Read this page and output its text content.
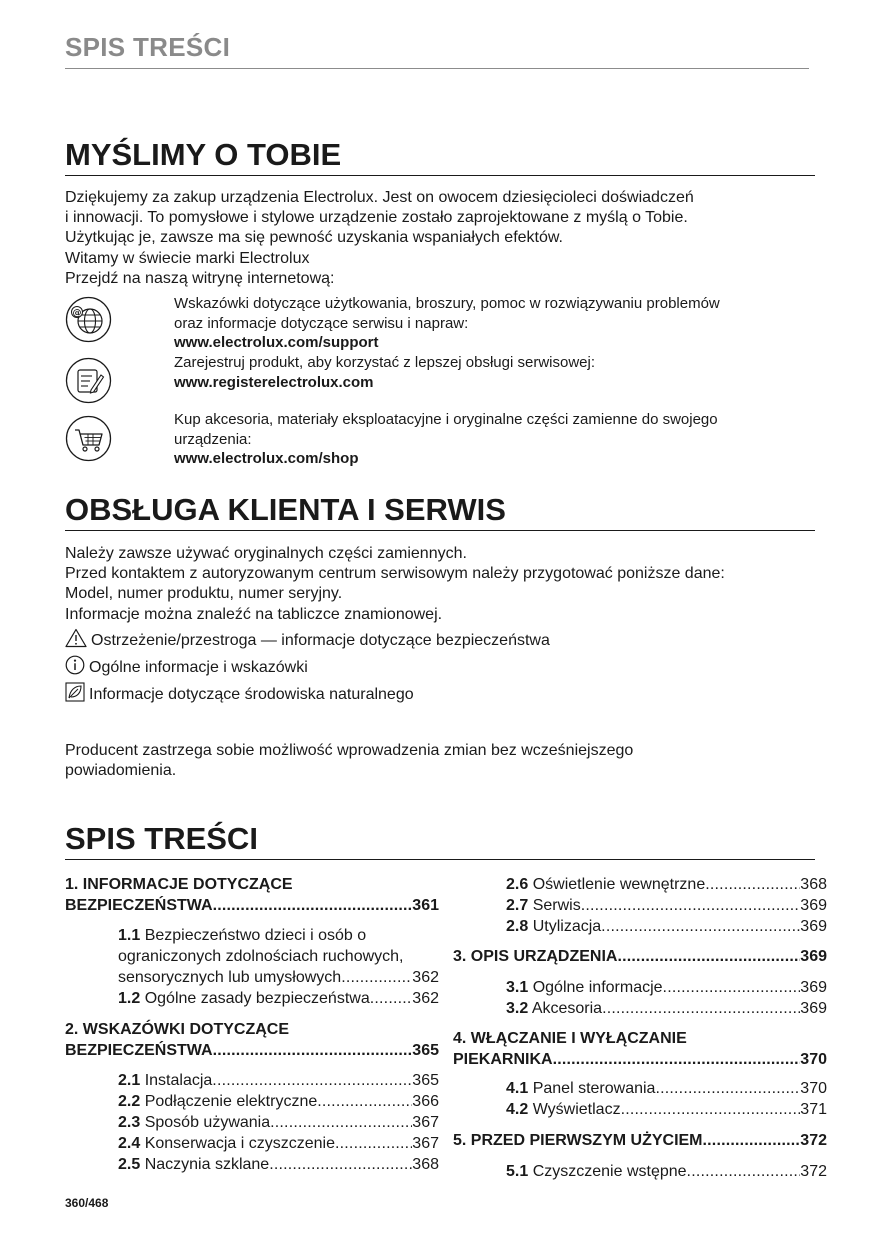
SPIS TREŚCI
MYŚLIMY O TOBIE
Dziękujemy za zakup urządzenia Electrolux. Jest on owocem dziesięcioleci doświadczeń
i innowacji. To pomysłowe i stylowe urządzenie zostało zaprojektowane z myślą o Tobie.
Użytkując je, zawsze ma się pewność uzyskania wspaniałych efektów.
Witamy w świecie marki Electrolux
Przejdź na naszą witrynę internetową:
@
Wskazówki dotyczące użytkowania, broszury, pomoc w rozwiązywaniu problemów
oraz informacje dotyczące serwisu i napraw:
www.electrolux.com/support
Zarejestruj produkt, aby korzystać z lepszej obsługi serwisowej:
www.registerelectrolux.com
Kup akcesoria, materiały eksploatacyjne i oryginalne części zamienne do swojego
urządzenia:
www.electrolux.com/shop
OBSŁUGA KLIENTA I SERWIS
Należy zawsze używać oryginalnych części zamiennych.
Przed kontaktem z autoryzowanym centrum serwisowym należy przygotować poniższe dane:
Model, numer produktu, numer seryjny.
Informacje można znaleźć na tabliczce znamionowej.
Ostrzeżenie/przestroga — informacje dotyczące bezpieczeństwa
Ogólne informacje i wskazówki
Informacje dotyczące środowiska naturalnego
Producent zastrzega sobie możliwość wprowadzenia zmian bez wcześniejszego
powiadomienia.
SPIS TREŚCI
1. INFORMACJE DOTYCZĄCE
BEZPIECZEŃSTWA .....	361
1.1 Bezpieczeństwo dzieci i osób o
ograniczonych zdolnościach ruchowych,
sensorycznych lub umysłowych .....	362
1.2 Ogólne zasady bezpieczeństwa .....	362
2. WSKAZÓWKI DOTYCZĄCE
BEZPIECZEŃSTWA .....	365
2.1 Instalacja .....	365
2.2 Podłączenie elektryczne .....	366
2.3 Sposób używania .....	367
2.4 Konserwacja i czyszczenie .....	367
2.5 Naczynia szklane .....	368
2.6 Oświetlenie wewnętrzne .....	368
2.7 Serwis .....	369
2.8 Utylizacja .....	369
3. OPIS URZĄDZENIA .....	369
3.1 Ogólne informacje .....	369
3.2 Akcesoria .....	369
4. WŁĄCZANIE I WYŁĄCZANIE
PIEKARNIKA .....	370
4.1 Panel sterowania .....	370
4.2 Wyświetlacz .....	371
5. PRZED PIERWSZYM UŻYCIEM .....	372
5.1 Czyszczenie wstępne .....	372
360/468
